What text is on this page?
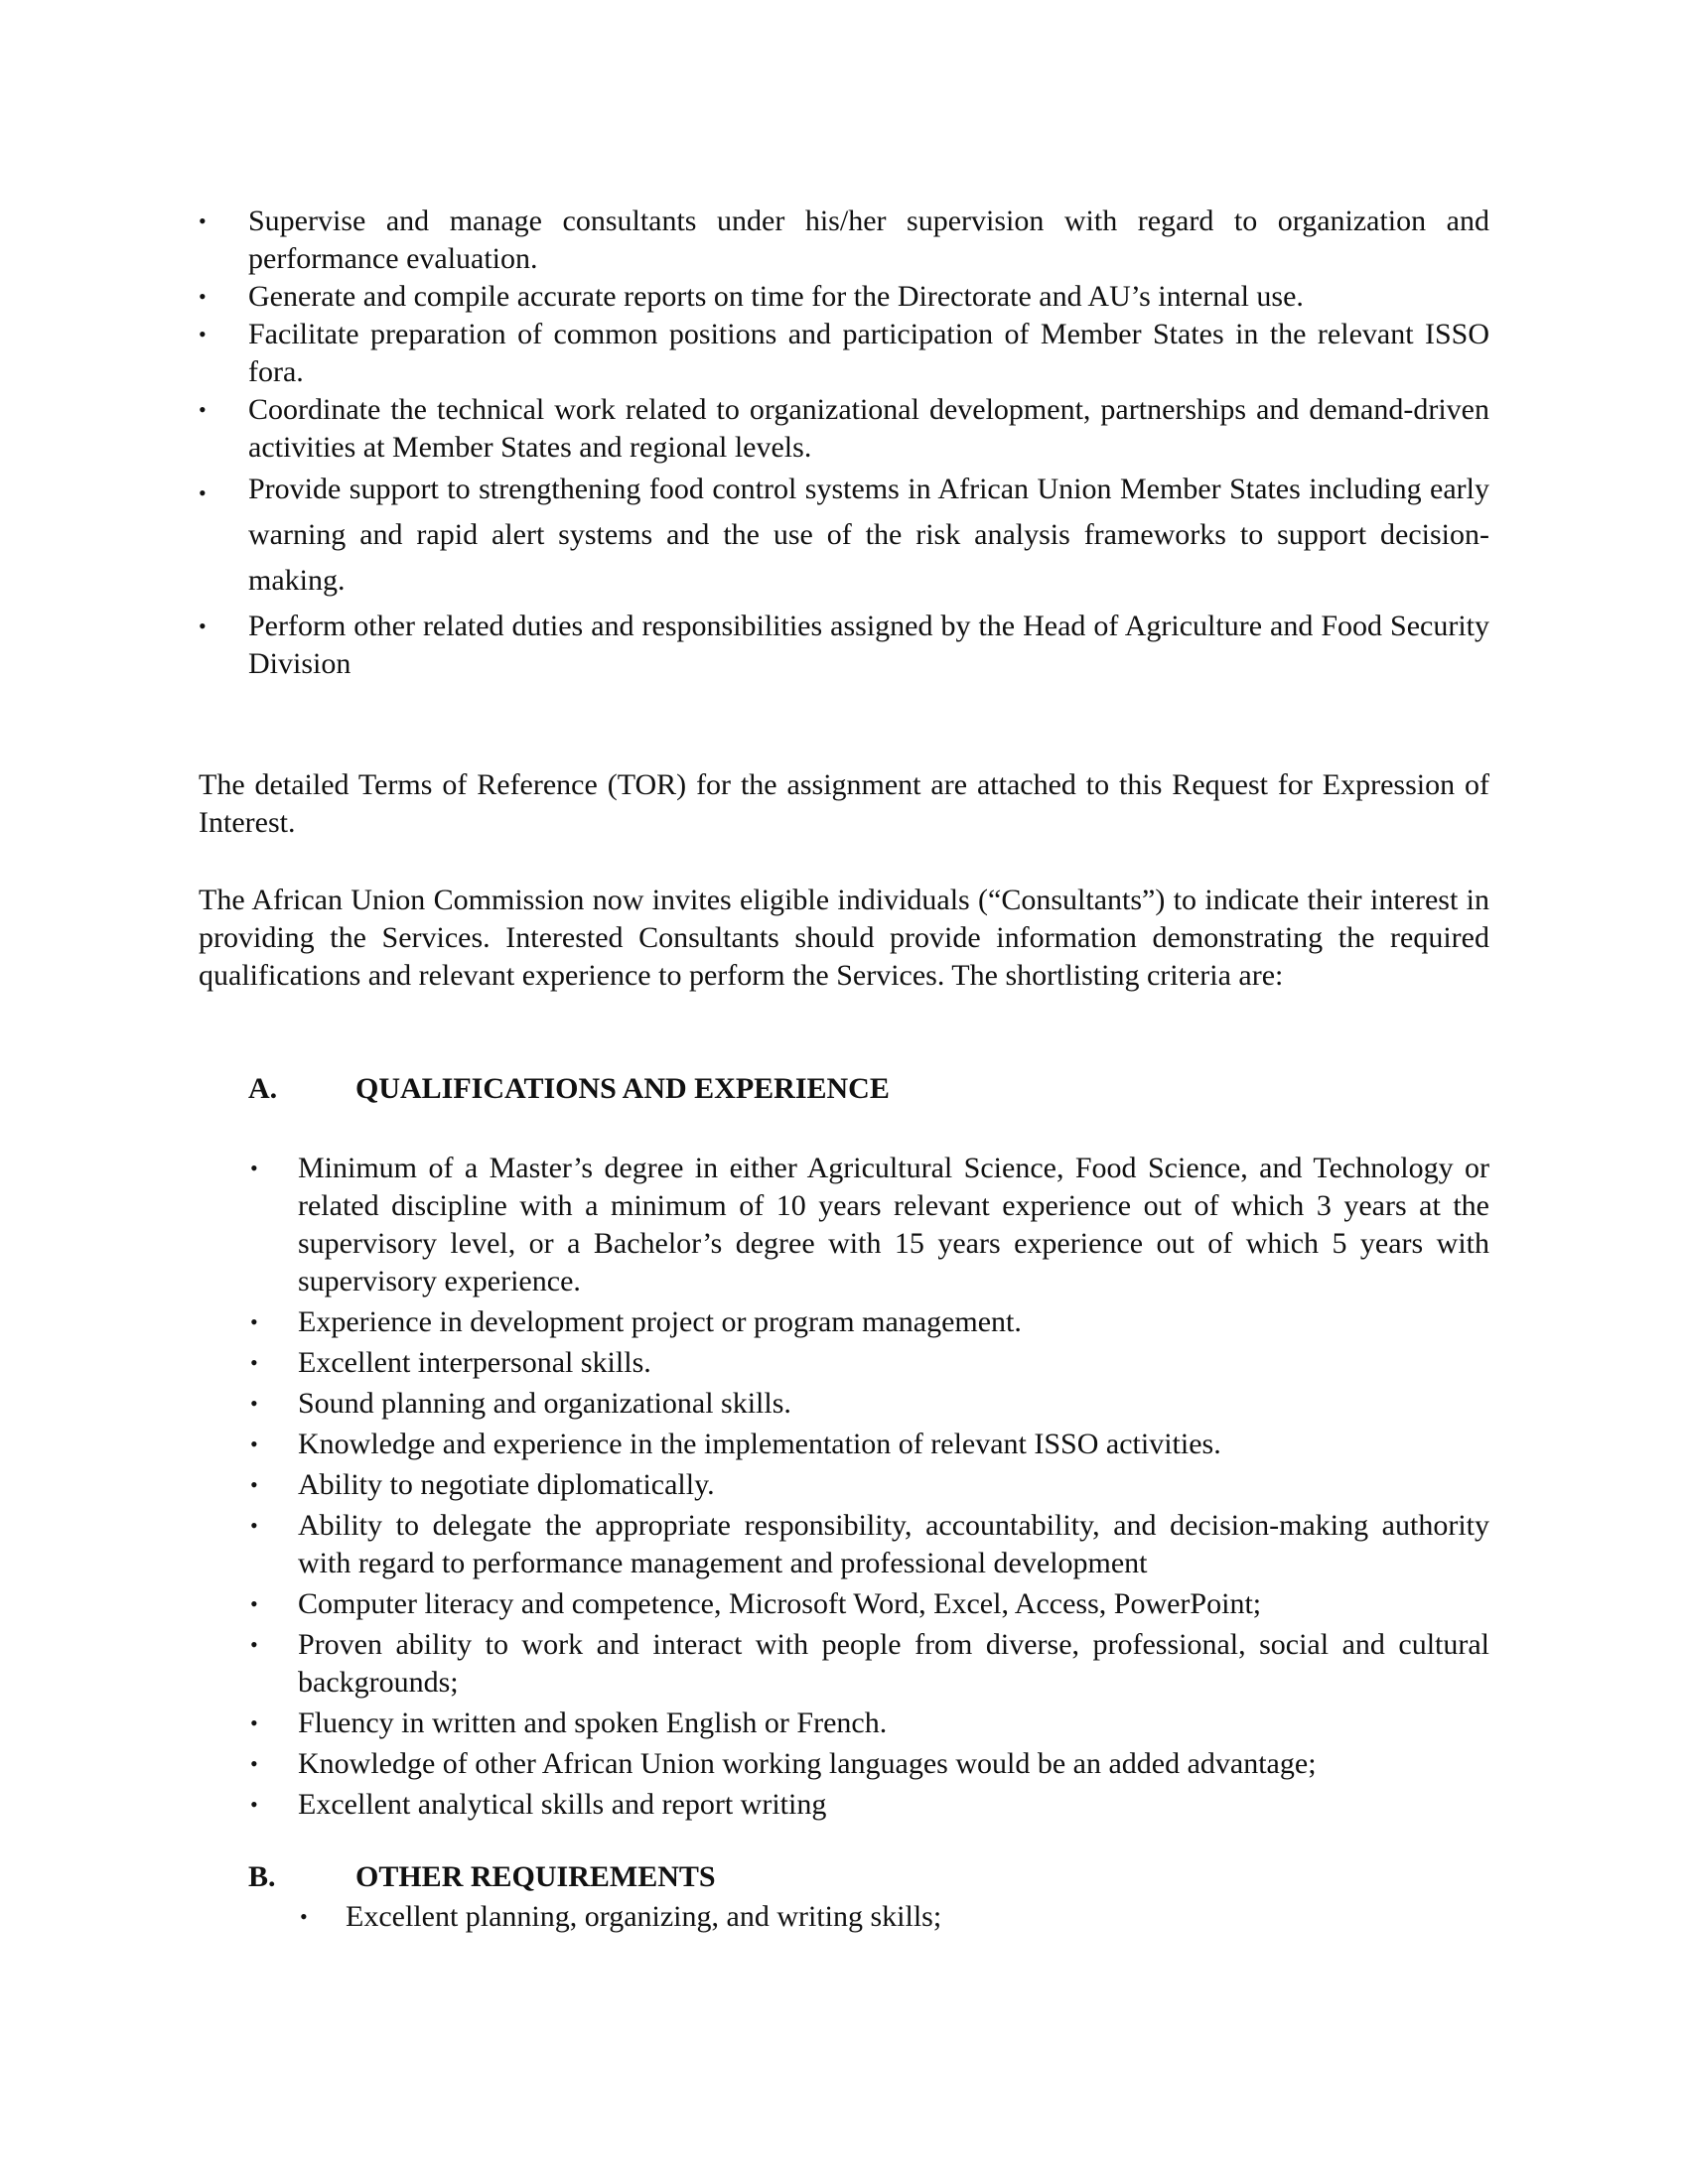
• Supervise and manage consultants under his/her supervision with regard to organization and performance evaluation.
• Generate and compile accurate reports on time for the Directorate and AU’s internal use.
• Facilitate preparation of common positions and participation of Member States in the relevant ISSO fora.
• Coordinate the technical work related to organizational development, partnerships and demand-driven activities at Member States and regional levels.
• Provide support to strengthening food control systems in African Union Member States including early warning and rapid alert systems and the use of the risk analysis frameworks to support decision-making.
• Perform other related duties and responsibilities assigned by the Head of Agriculture and Food Security Division

The detailed Terms of Reference (TOR) for the assignment are attached to this Request for Expression of Interest.

The African Union Commission now invites eligible individuals (“Consultants”) to indicate their interest in providing the Services. Interested Consultants should provide information demonstrating the required qualifications and relevant experience to perform the Services. The shortlisting criteria are:

A.	QUALIFICATIONS AND EXPERIENCE
• Minimum of a Master’s degree in either Agricultural Science, Food Science, and Technology or related discipline with a minimum of 10 years relevant experience out of which 3 years at the supervisory level, or a Bachelor’s degree with 15 years experience out of which 5 years with supervisory experience.
• Experience in development project or program management.
• Excellent interpersonal skills.
• Sound planning and organizational skills.
• Knowledge and experience in the implementation of relevant ISSO activities.
• Ability to negotiate diplomatically.
• Ability to delegate the appropriate responsibility, accountability, and decision-making authority with regard to performance management and professional development
• Computer literacy and competence, Microsoft Word, Excel, Access, PowerPoint;
• Proven ability to work and interact with people from diverse, professional, social and cultural backgrounds;
• Fluency in written and spoken English or French.
• Knowledge of other African Union working languages would be an added advantage;
• Excellent analytical skills and report writing
B.	OTHER REQUIREMENTS
• Excellent planning, organizing, and writing skills;
